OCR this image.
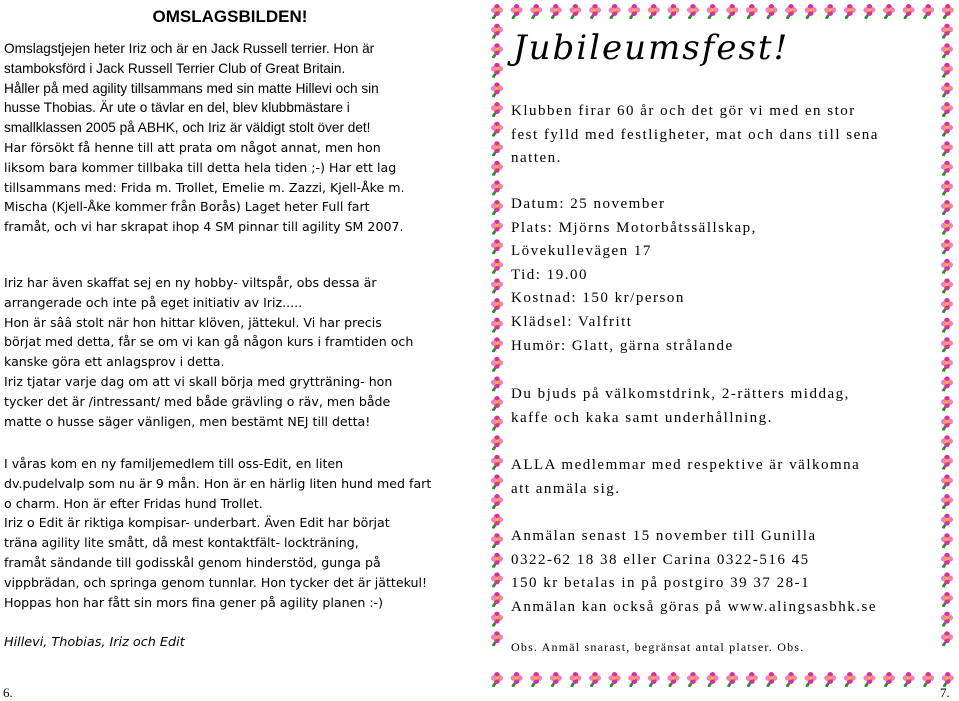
OMSLAGSBILDEN!

Omslagstjejen heter Iriz och är en Jack Russell terrier. Hon är
stamboksförd i Jack Russell Terrier Club of Great Britain.
Håller på med agility tillsammans med sin matte Hillevi och sin
husse Thobias. Är ute o tävlar en del, blev klubbmästare i
smallklassen 2005 på ABHK, och Iriz är väldigt stolt över det!

Har försökt få henne till att prata om något annat, men hon
liksom bara kommer tillbaka till detta hela tiden ;-) Har ett lag
tillsammans med: Frida m. Trollet, Emelie m. Zazzi, Kjell-Åke m.
Mischa (Kjell-Åke kommer från Borås) Laget heter Full fart
framåt, och vi har skrapat ihop 4 SM pinnar till agility SM 2007.

Iriz har även skaffat sej en ny hobby- viltspår, obs dessa är
arrangerade och inte på eget initiativ av Iriz.....
Hon är sââ stolt när hon hittar klöven, jättekul. Vi har precis
börjat med detta, får se om vi kan gå någon kurs i framtiden och
kanske göra ett anlagsprov i detta.
Iriz tjatar varje dag om att vi skall börja med grytträning- hon
tycker det är /intressant/ med både grävling o räv, men både
matte o husse säger vänligen, men bestämt NEJ till detta!

I våras kom en ny familjemedlem till oss-Edit, en liten
dv.pudelvalp som nu är 9 mån. Hon är en härlig liten hund med fart
o charm. Hon är efter Fridas hund Trollet.
Iriz o Edit är riktiga kompisar- underbart. Även Edit har börjat
träna agility lite smått, då mest kontaktfält- lockträning,
framåt sändande till godisskål genom hinderstöd, gunga på
vippbrädan, och springa genom tunnlar. Hon tycker det är jättekul!
Hoppas hon har fått sin mors fina gener på agility planen :-)

Hillevi, Thobias, Iriz och Edit

6.
Jubileumsfest!

Klubben firar 60 år och det gör vi med en stor
fest fylld med festligheter, mat och dans till sena
natten.

Datum: 25 november
Plats: Mjörns Motorbåtssällskap,
Lövekullevägen 17
Tid: 19.00
Kostnad: 150 kr/person
Klädsel: Valfritt
Humör: Glatt, gärna strålande

Du bjuds på välkomstdrink, 2-rätters middag,
kaffe och kaka samt underhållning.

ALLA medlemmar med respektive är välkomna
att anmäla sig.

Anmälan senast 15 november till Gunilla
0322-62 18 38 eller Carina 0322-516 45
150 kr betalas in på postgiro 39 37 28-1
Anmälan kan också göras på www.alingsasbhk.se

Obs. Anmäl snarast, begränsat antal platser. Obs.

7.
